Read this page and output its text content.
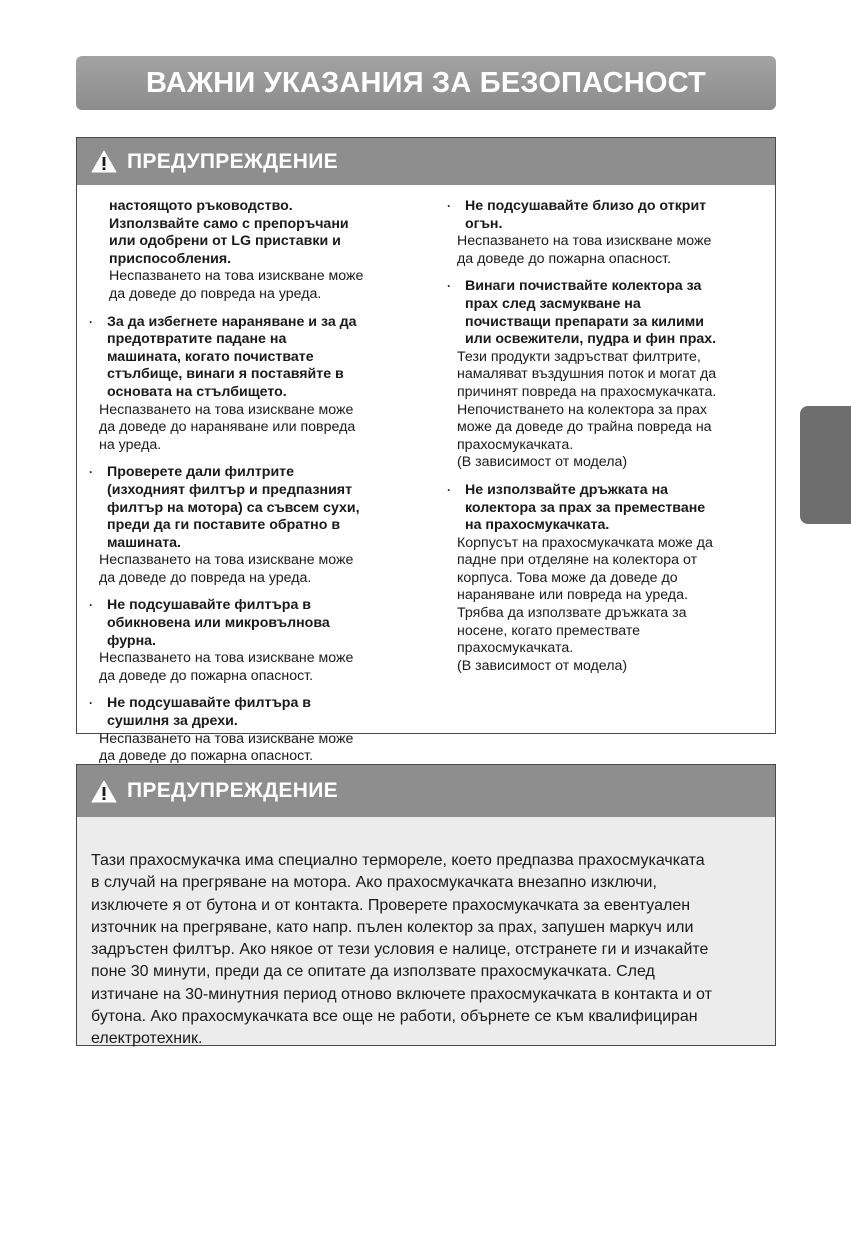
ВАЖНИ УКАЗАНИЯ ЗА БЕЗОПАСНОСТ
ПРЕДУПРЕЖДЕНИЕ
настоящото ръководство.
Използвайте само с препоръчани
или одобрени от LG приставки и
приспособления.
Неспазването на това изискване може
да доведе до повреда на уреда.
· За да избегнете нараняване и за да
предотвратите падане на
машината, когато почиствате
стълбище, винаги я поставяйте в
основата на стълбището.
Неспазването на това изискване може
да доведе до нараняване или повреда
на уреда.
· Проверете дали филтрите
(изходният филтър и предпазният
филтър на мотора) са съвсем сухи,
преди да ги поставите обратно в
машината.
Неспазването на това изискване може
да доведе до повреда на уреда.
· Не подсушавайте филтъра в
обикновена или микровълнова
фурна.
Неспазването на това изискване може
да доведе до пожарна опасност.
· Не подсушавайте филтъра в
сушилня за дрехи.
Неспазването на това изискване може
да доведе до пожарна опасност.
· Не подсушавайте близо до открит
огън.
Неспазването на това изискване може
да доведе до пожарна опасност.
· Винаги почиствайте колектора за
прах след засмукване на
почистващи препарати за килими
или освежители, пудра и фин прах.
Тези продукти задръстват филтрите,
намаляват въздушния поток и могат да
причинят повреда на прахосмукачката.
Непочистването на колектора за прах
може да доведе до трайна повреда на
прахосмукачката.
(В зависимост от модела)
· Не използвайте дръжката на
колектора за прах за преместване
на прахосмукачката.
Корпусът на прахосмукачката може да
падне при отделяне на колектора от
корпуса. Това може да доведе до
нараняване или повреда на уреда.
Трябва да използвате дръжката за
носене, когато премествате
прахосмукачката.
(В зависимост от модела)
ПРЕДУПРЕЖДЕНИЕ
Тази прахосмукачка има специално термореле, което предпазва прахосмукачката
в случай на прегряване на мотора. Ако прахосмукачката внезапно изключи,
изключете я от бутона и от контакта. Проверете прахосмукачката за евентуален
източник на прегряване, като напр. пълен колектор за прах, запушен маркуч или
задръстен филтър. Ако някое от тези условия е налице, отстранете ги и изчакайте
поне 30 минути, преди да се опитате да използвате прахосмукачката. След
изтичане на 30-минутния период отново включете прахосмукачката в контакта и от
бутона. Ако прахосмукачката все още не работи, обърнете се към квалифициран
електротехник.
